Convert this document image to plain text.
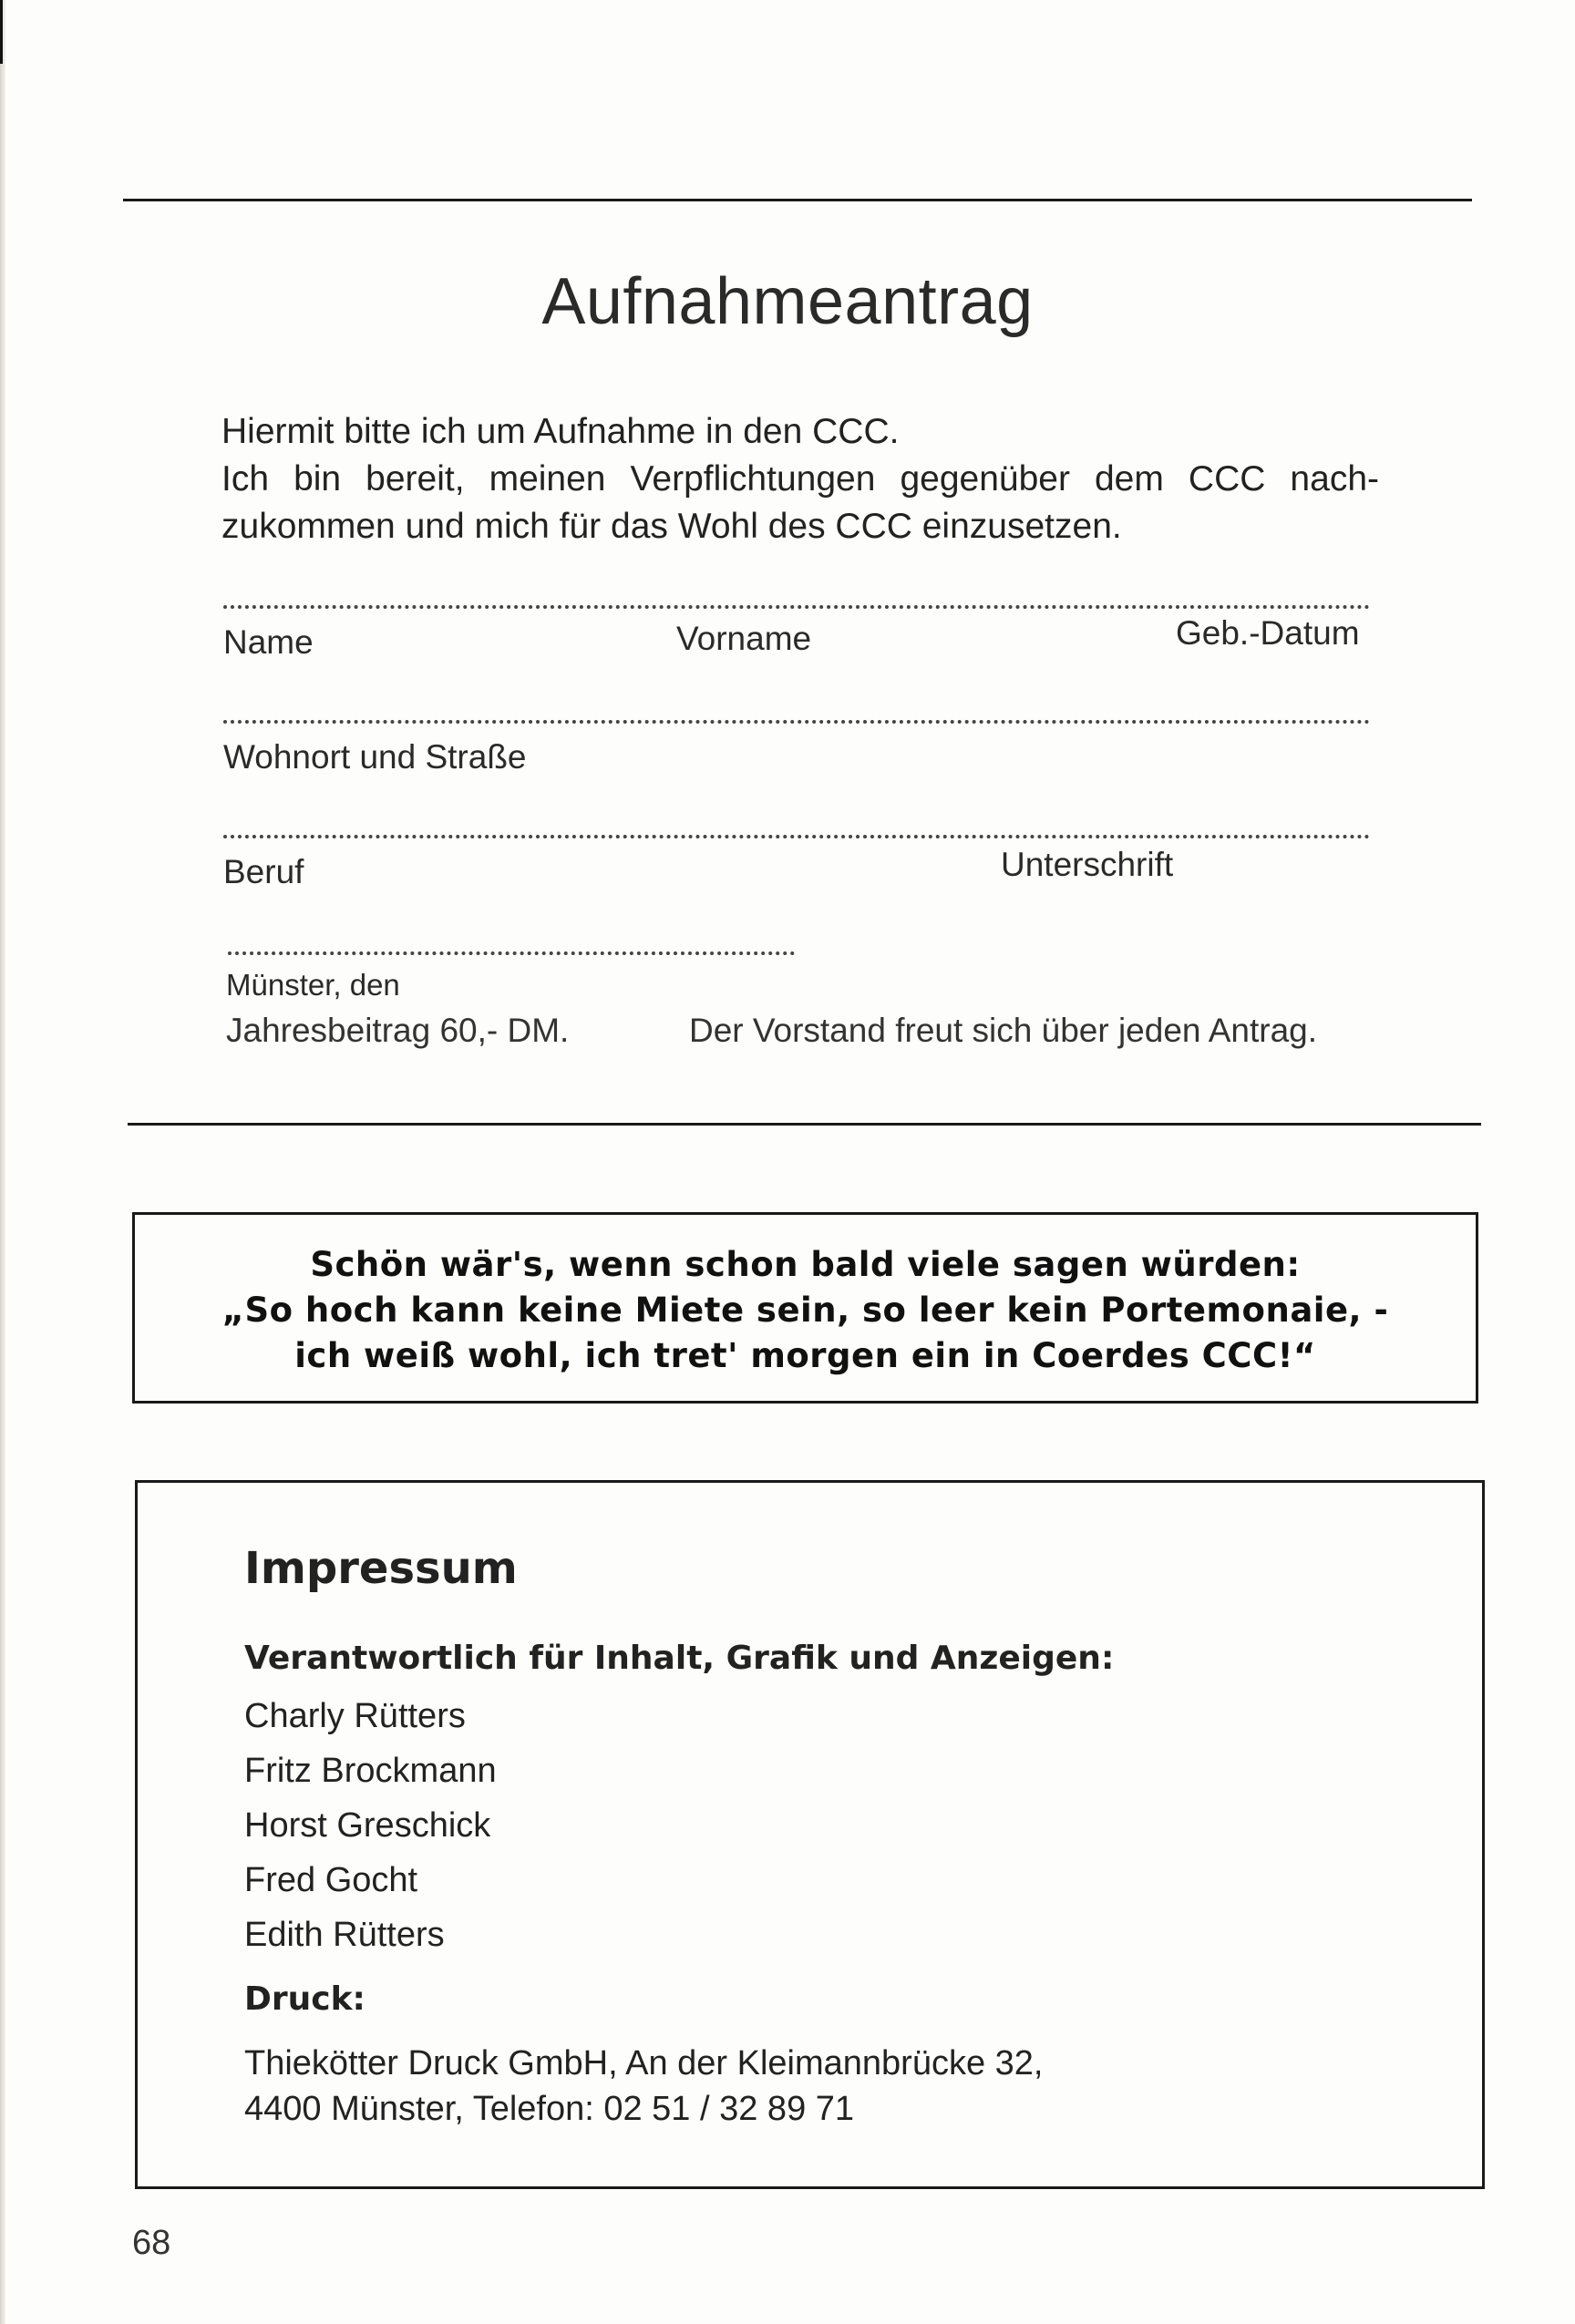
Aufnahmeantrag

Hiermit bitte ich um Aufnahme in den CCC.

Ich bin bereit, meinen Verpflichtungen gegenüber dem CCC nach-

zukommen und mich für das Wohl des CCC einzusetzen.

Name	Vorname	Geb.-Datum
Wohnort und Straße
Beruf	Unterschrift
Münster, den
Jahresbeitrag 60,- DM.	Der Vorstand freut sich über jeden Antrag.
Schön wär's, wenn schon bald viele sagen würden:
„So hoch kann keine Miete sein, so leer kein Portemonaie, -
ich weiß wohl, ich tret' morgen ein in Coerdes CCC!“
Impressum
Verantwortlich für Inhalt, Grafik und Anzeigen:
Charly Rütters
Fritz Brockmann
Horst Greschick
Fred Gocht
Edith Rütters
Druck:
Thiekötter Druck GmbH, An der Kleimannbrücke 32,
4400 Münster, Telefon: 02 51 / 32 89 71
68
